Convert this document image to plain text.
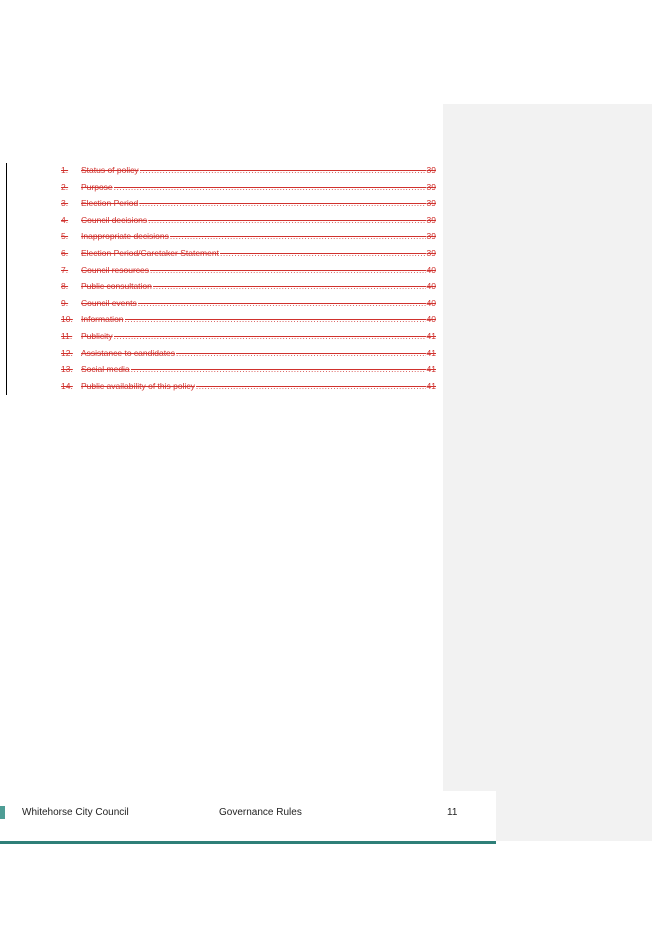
1.	Status of policy .....	39
2.	Purpose .....	39
3.	Election Period .....	39
4.	Council decisions .....	39
5.	Inappropriate decisions .....	39
6.	Election Period/Caretaker Statement .....	39
7.	Council resources .....	40
8.	Public consultation .....	40
9.	Council events .....	40
10. Information .....	40
11.	Publicity .....	41
12. Assistance to candidates .....	41
13. Social media .....	41
14. Public availability of this policy .....	41
Whitehorse City Council	Governance Rules	11
